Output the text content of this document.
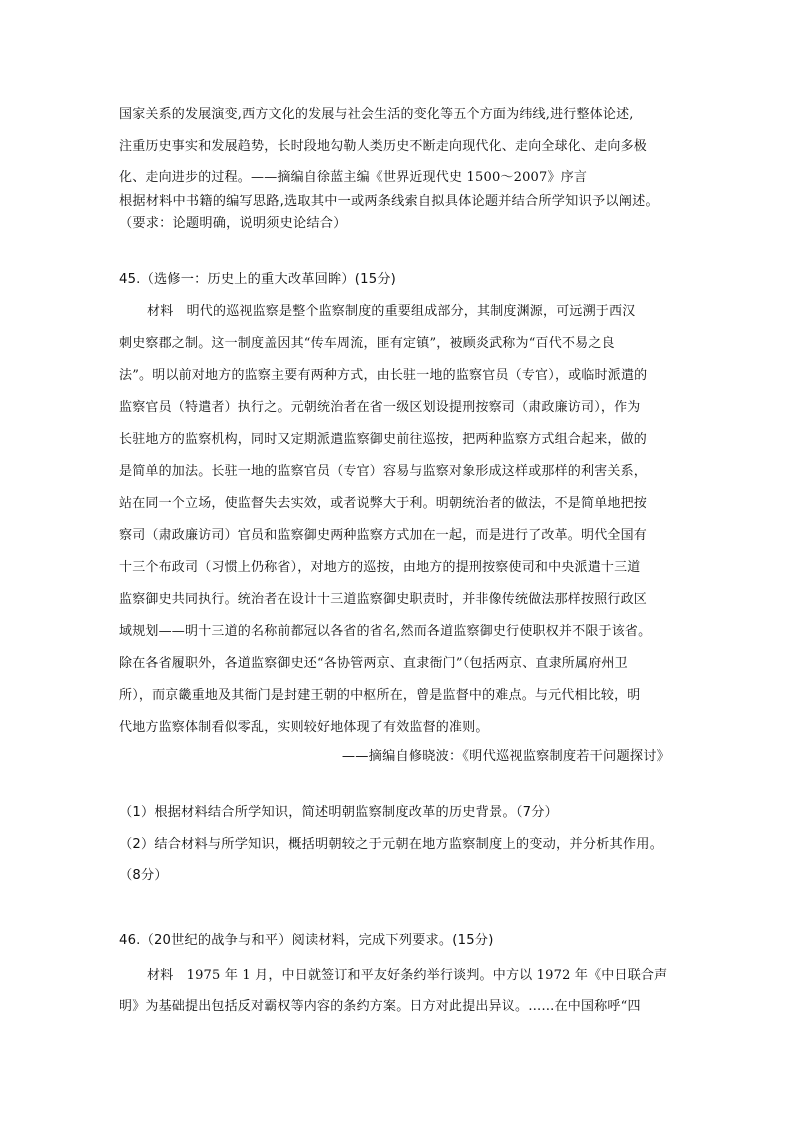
国家关系的发展演变,西方文化的发展与社会生活的变化等五个方面为纬线,进行整体论述,
注重历史事实和发展趋势，长时段地勾勒人类历史不断走向现代化、走向全球化、走向多极
化、走向进步的过程。——摘编自徐蓝主编《世界近现代史 1500～2007》序言
根据材料中书籍的编写思路,选取其中一或两条线索自拟具体论题并结合所学知识予以阐述。
（要求：论题明确，说明须史论结合）
45.（选修一：历史上的重大改革回眸）(15分)
材料　明代的巡视监察是整个监察制度的重要组成部分，其制度渊源，可远溯于西汉
刺史察郡之制。这一制度盖因其“传车周流，匪有定镇”，被顾炎武称为“百代不易之良
法”。明以前对地方的监察主要有两种方式，由长驻一地的监察官员（专官），或临时派遣的
监察官员（特遣者）执行之。元朝统治者在省一级区划设提刑按察司（肃政廉访司），作为
长驻地方的监察机构，同时又定期派遣监察御史前往巡按，把两种监察方式组合起来，做的
是简单的加法。长驻一地的监察官员（专官）容易与监察对象形成这样或那样的利害关系，
站在同一个立场，使监督失去实效，或者说弊大于利。明朝统治者的做法，不是简单地把按
察司（肃政廉访司）官员和监察御史两种监察方式加在一起，而是进行了改革。明代全国有
十三个布政司（习惯上仍称省），对地方的巡按，由地方的提刑按察使司和中央派遣十三道
监察御史共同执行。统治者在设计十三道监察御史职责时，并非像传统做法那样按照行政区
域规划——明十三道的名称前都冠以各省的省名,然而各道监察御史行使职权并不限于该省。
除在各省履职外，各道监察御史还“各协管两京、直隶衙门”（包括两京、直隶所属府州卫
所），而京畿重地及其衙门是封建王朝的中枢所在，曾是监督中的难点。与元代相比较，明
代地方监察体制看似零乱，实则较好地体现了有效监督的准则。
——摘编自修晓波：《明代巡视监察制度若干问题探讨》
（1）根据材料结合所学知识，简述明朝监察制度改革的历史背景。（7分）
（2）结合材料与所学知识，概括明朝较之于元朝在地方监察制度上的变动，并分析其作用。
（8分）
46.（20世纪的战争与和平）阅读材料，完成下列要求。(15分)
材料　1975 年 1 月，中日就签订和平友好条约举行谈判。中方以 1972 年《中日联合声
明》为基础提出包括反对霸权等内容的条约方案。日方对此提出异议。……在中国称呼“四
